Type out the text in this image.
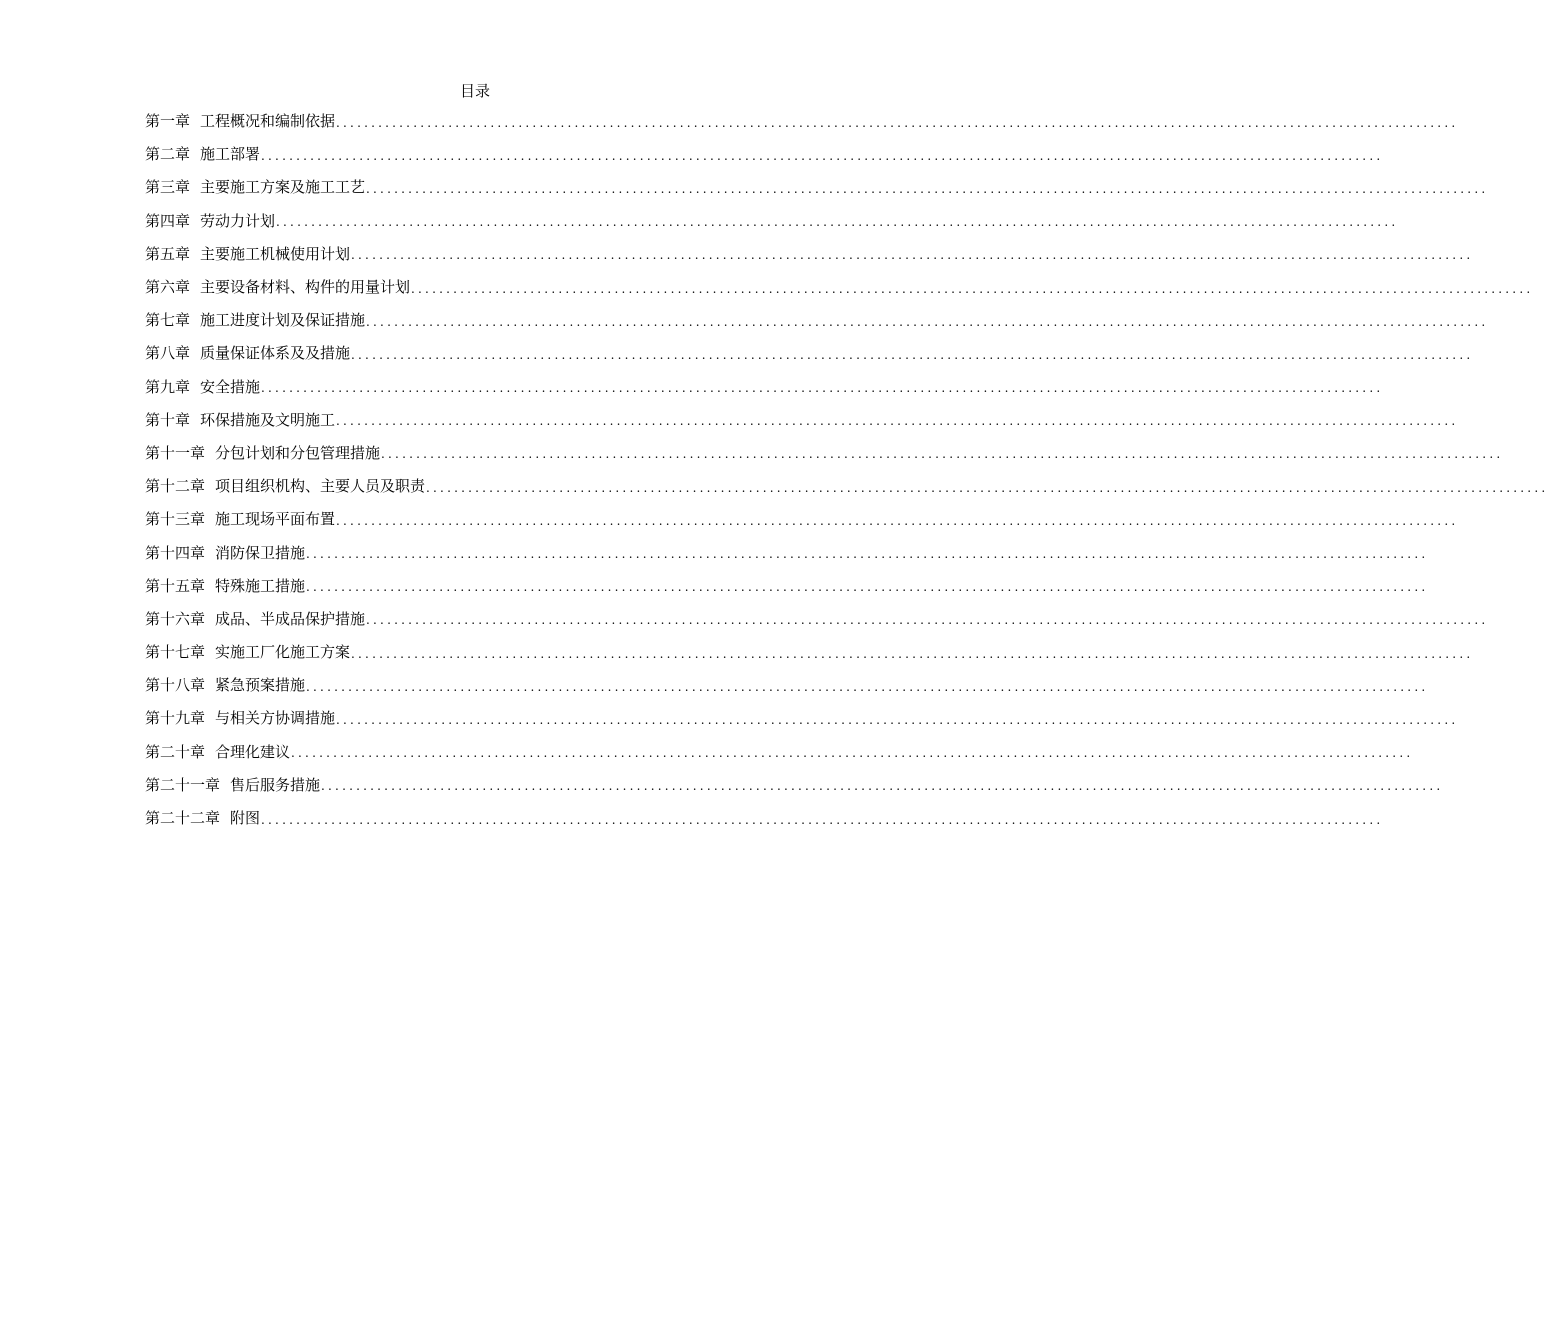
目录
第一章 工程概况和编制依据 ................................................................................................................................................................
第二章 施工部署 ................................................................................................................................................................
第三章 主要施工方案及施工工艺 ................................................................................................................................................................
第四章 劳动力计划 ................................................................................................................................................................
第五章 主要施工机械使用计划 ................................................................................................................................................................
第六章 主要设备材料、构件的用量计划 ................................................................................................................................................................
第七章 施工进度计划及保证措施 ................................................................................................................................................................
第八章 质量保证体系及及措施 ................................................................................................................................................................
第九章 安全措施 ................................................................................................................................................................
第十章 环保措施及文明施工 ................................................................................................................................................................
第十一章 分包计划和分包管理措施 ................................................................................................................................................................
第十二章 项目组织机构、主要人员及职责 ................................................................................................................................................................
第十三章 施工现场平面布置 ................................................................................................................................................................
第十四章 消防保卫措施 ................................................................................................................................................................
第十五章 特殊施工措施 ................................................................................................................................................................
第十六章 成品、半成品保护措施 ................................................................................................................................................................
第十七章 实施工厂化施工方案 ................................................................................................................................................................
第十八章 紧急预案措施 ................................................................................................................................................................
第十九章 与相关方协调措施 ................................................................................................................................................................
第二十章 合理化建议 ................................................................................................................................................................
第二十一章 售后服务措施 ................................................................................................................................................................
第二十二章 附图 ................................................................................................................................................................
